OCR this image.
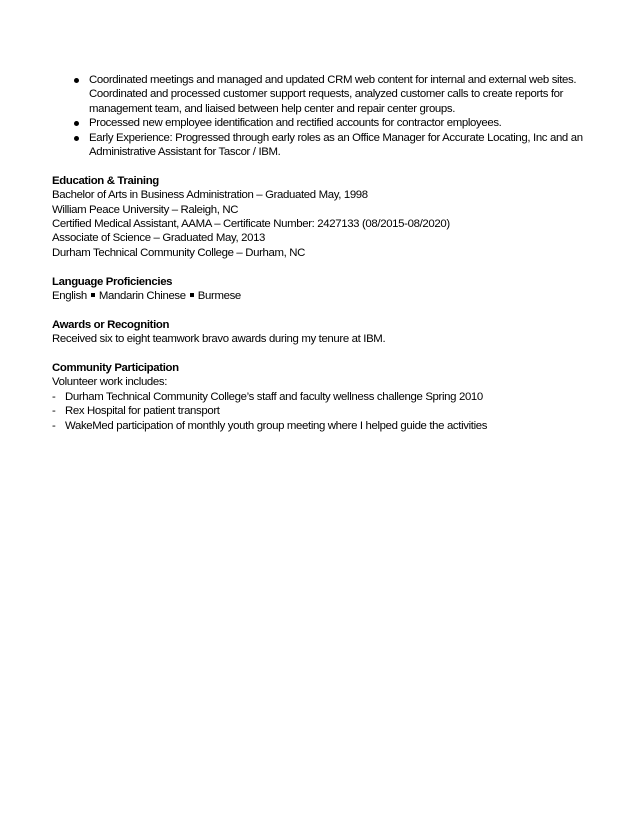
Coordinated meetings and managed and updated CRM web content for internal and external web sites. Coordinated and processed customer support requests, analyzed customer calls to create reports for management team, and liaised between help center and repair center groups.
Processed new employee identification and rectified accounts for contractor employees.
Early Experience: Progressed through early roles as an Office Manager for Accurate Locating, Inc and an Administrative Assistant for Tascor / IBM.

Education & Training

Bachelor of Arts in Business Administration – Graduated May, 1998

William Peace University – Raleigh, NC

Certified Medical Assistant, AAMA – Certificate Number: 2427133 (08/2015-08/2020)

Associate of Science – Graduated May, 2013

Durham Technical Community College – Durham, NC

Language Proficiencies

English Mandarin Chinese Burmese

Awards or Recognition

Received six to eight teamwork bravo awards during my tenure at IBM.

Community Participation

Volunteer work includes:

- Durham Technical Community College’s staff and faculty wellness challenge Spring 2010

- Rex Hospital for patient transport

- WakeMed participation of monthly youth group meeting where I helped guide the activities
